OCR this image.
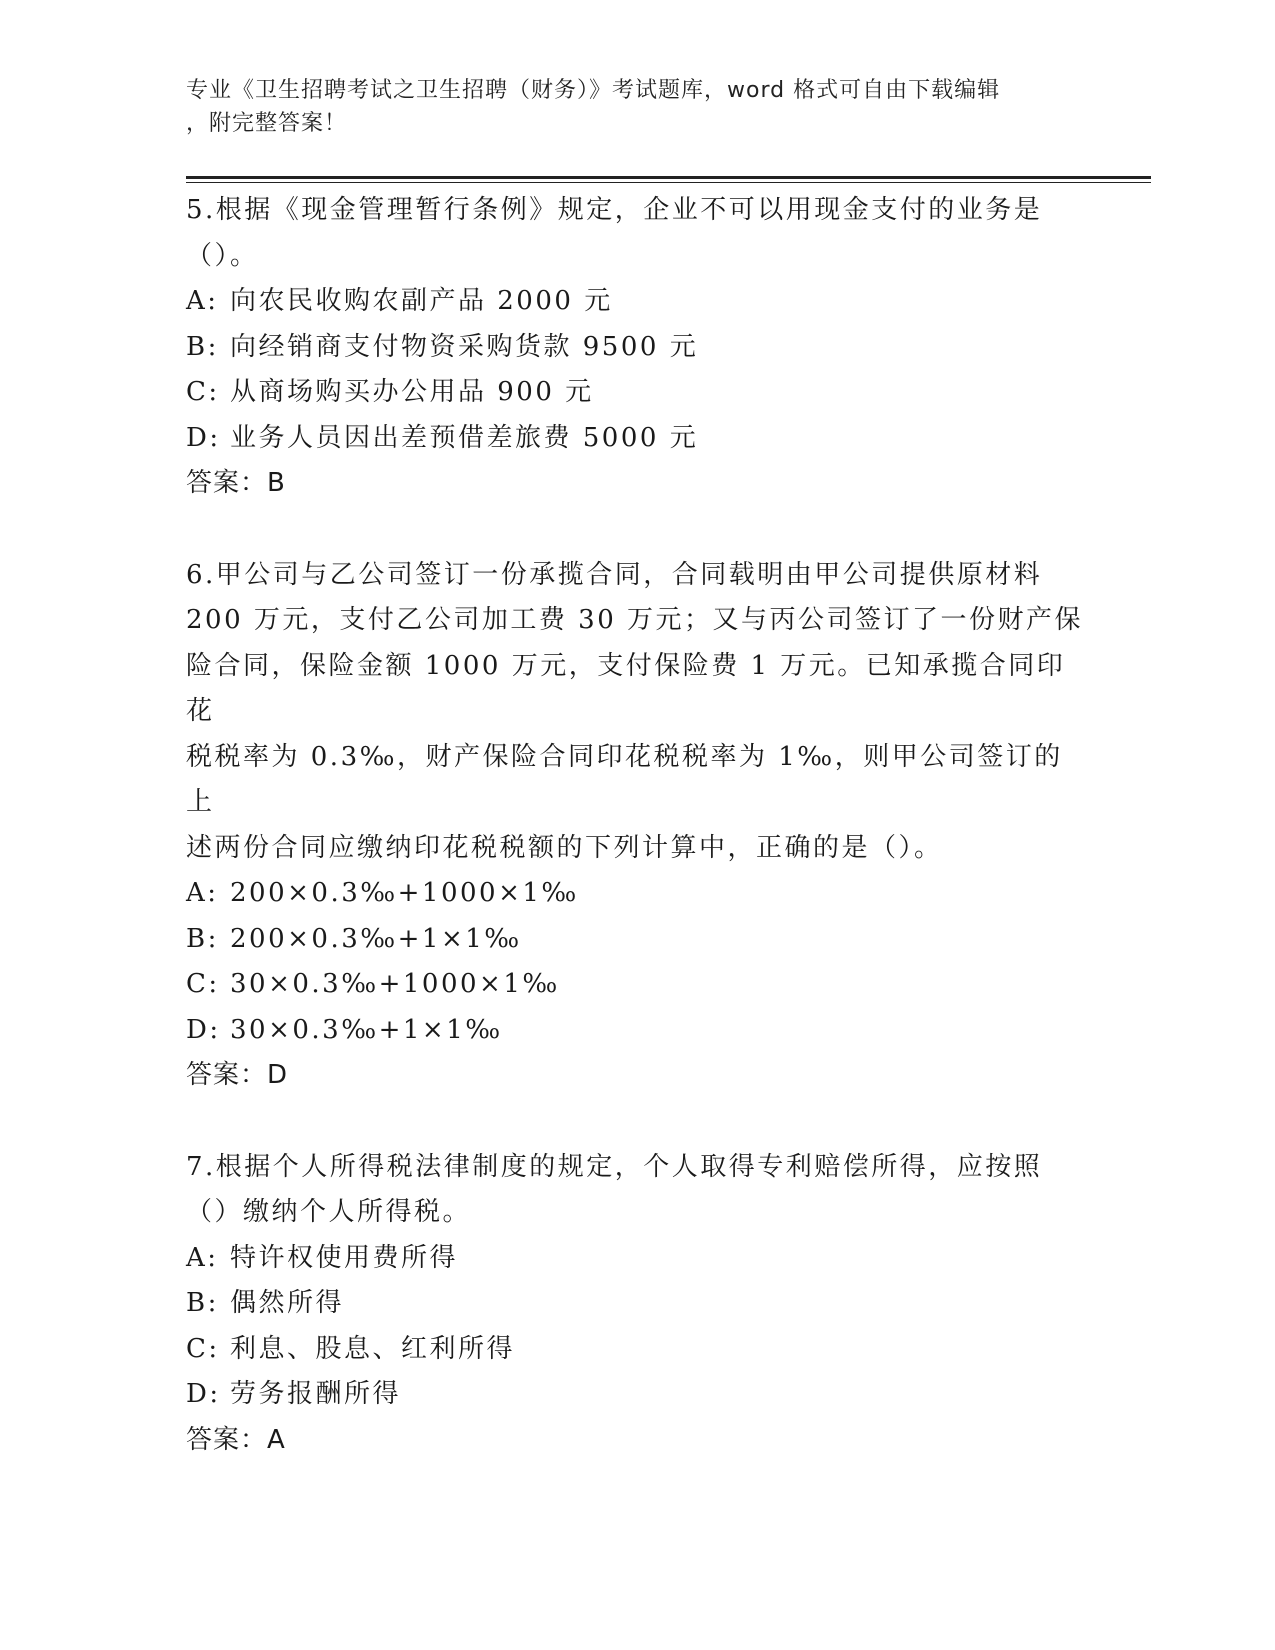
专业《卫生招聘考试之卫生招聘（财务）》考试题库，word 格式可自由下载编辑
，附完整答案！

5.根据《现金管理暂行条例》规定，企业不可以用现金支付的业务是
（）。

A: 向农民收购农副产品 2000 元

B: 向经销商支付物资采购货款 9500 元

C: 从商场购买办公用品 900 元

D: 业务人员因出差预借差旅费 5000 元

答案：B

6.甲公司与乙公司签订一份承揽合同，合同载明由甲公司提供原材料
200 万元，支付乙公司加工费 30 万元；又与丙公司签订了一份财产保
险合同，保险金额 1000 万元，支付保险费 1 万元。已知承揽合同印花
税税率为 0.3‰，财产保险合同印花税税率为 1‰，则甲公司签订的上
述两份合同应缴纳印花税税额的下列计算中，正确的是（）。

A: 200×0.3‰+1000×1‰

B: 200×0.3‰+1×1‰

C: 30×0.3‰+1000×1‰

D: 30×0.3‰+1×1‰

答案：D

7.根据个人所得税法律制度的规定，个人取得专利赔偿所得，应按照
（）缴纳个人所得税。

A: 特许权使用费所得

B: 偶然所得

C: 利息、股息、红利所得

D: 劳务报酬所得

答案：A
